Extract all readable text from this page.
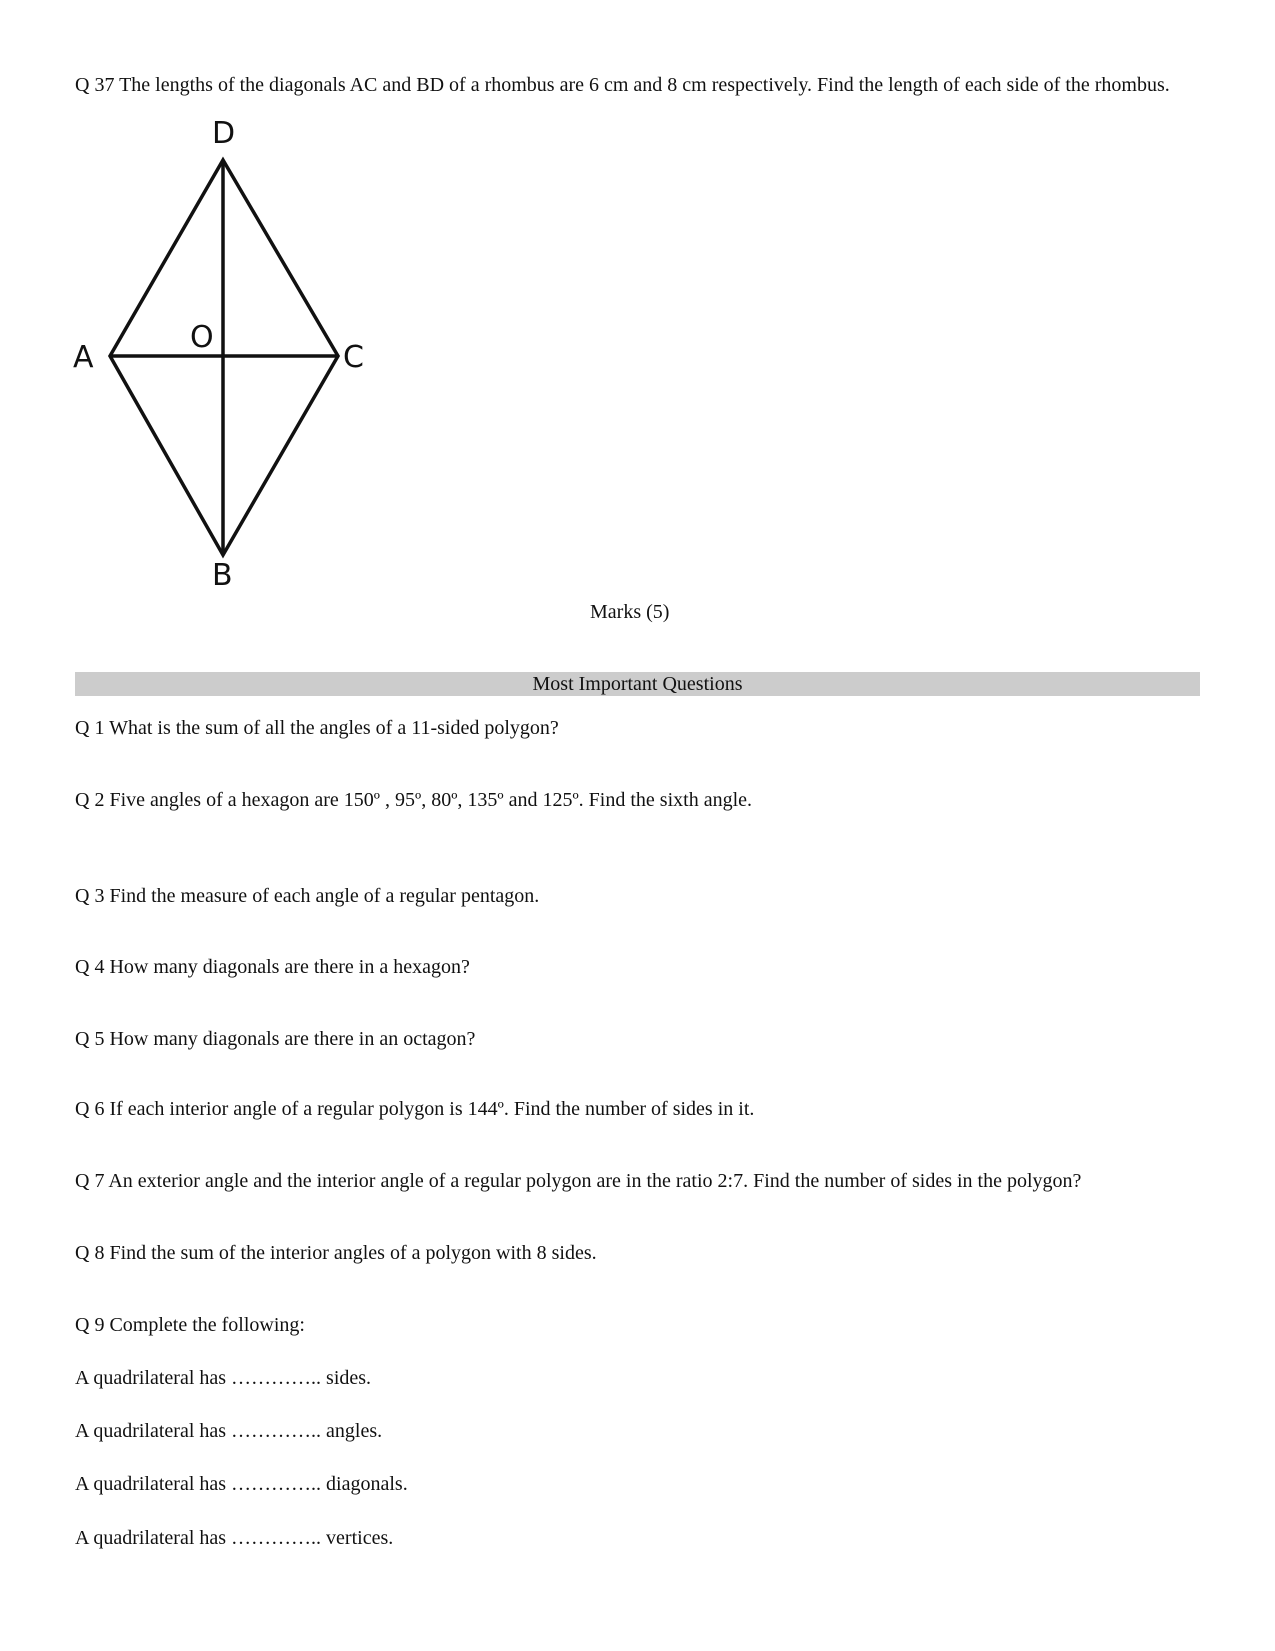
Q 37 The lengths of the diagonals AC and BD of a rhombus are 6 cm and 8 cm respectively. Find the length of each side of the rhombus.
D
A
O
C
B
Marks (5)
Most Important Questions
Q 1 What is the sum of all the angles of a 11-sided polygon?
Q 2 Five angles of a hexagon are 150º , 95º, 80º, 135º and 125º. Find the sixth angle.
Q 3 Find the measure of each angle of a regular pentagon.
Q 4 How many diagonals are there in a hexagon?
Q 5 How many diagonals are there in an octagon?
Q 6 If each interior angle of a regular polygon is 144º. Find the number of sides in it.
Q 7 An exterior angle and the interior angle of a regular polygon are in the ratio 2:7. Find the number of sides in the polygon?
Q 8 Find the sum of the interior angles of a polygon with 8 sides.
Q 9 Complete the following:
A quadrilateral has ………….. sides.
A quadrilateral has ………….. angles.
A quadrilateral has ………….. diagonals.
A quadrilateral has ………….. vertices.
